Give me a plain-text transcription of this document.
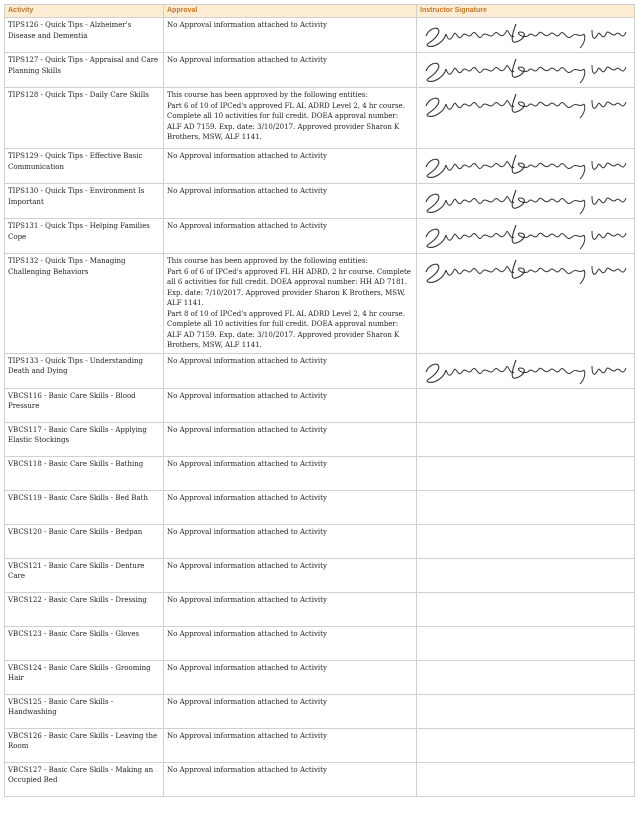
Activity	Approval	Instructor Signature

TIPS126 - Quick Tips - Alzheimer's Disease and Dementia	No Approval information attached to Activity

TIPS127 - Quick Tips - Appraisal and Care Planning Skills	No Approval information attached to Activity

TIPS128 - Quick Tips - Daily Care Skills	This course has been approved by the following entities:
Part 6 of 10 of IPCed's approved FL AL ADRD Level 2, 4 hr course. Complete all 10 activities for full credit. DOEA approval number: ALF AD 7159. Exp. date: 3/10/2017. Approved provider Sharon K Brothers, MSW, ALF 1141.

TIPS129 - Quick Tips - Effective Basic Communication	No Approval information attached to Activity

TIPS130 - Quick Tips - Environment Is Important	No Approval information attached to Activity

TIPS131 - Quick Tips - Helping Families Cope	No Approval information attached to Activity

TIPS132 - Quick Tips - Managing Challenging Behaviors	This course has been approved by the following entities:
Part 6 of 6 of IPCed's approved FL HH ADRD, 2 hr course. Complete all 6 activities for full credit. DOEA approval number: HH AD 7181. Exp. date: 7/10/2017. Approved provider Sharon K Brothers, MSW, ALF 1141.
Part 8 of 10 of IPCed's approved FL AL ADRD Level 2, 4 hr course. Complete all 10 activities for full credit. DOEA approval number: ALF AD 7159. Exp. date: 3/10/2017. Approved provider Sharon K Brothers, MSW, ALF 1141.

TIPS133 - Quick Tips - Understanding Death and Dying	No Approval information attached to Activity

VBCS116 - Basic Care Skills - Blood Pressure	No Approval information attached to Activity	

VBCS117 - Basic Care Skills - Applying Elastic Stockings	No Approval information attached to Activity	

VBCS118 - Basic Care Skills - Bathing	No Approval information attached to Activity	

VBCS119 - Basic Care Skills - Bed Bath	No Approval information attached to Activity	

VBCS120 - Basic Care Skills - Bedpan	No Approval information attached to Activity	

VBCS121 - Basic Care Skills - Denture Care	No Approval information attached to Activity	

VBCS122 - Basic Care Skills - Dressing	No Approval information attached to Activity	

VBCS123 - Basic Care Skills - Gloves	No Approval information attached to Activity	

VBCS124 - Basic Care Skills - Grooming Hair	No Approval information attached to Activity	

VBCS125 - Basic Care Skills - Handwashing	No Approval information attached to Activity	

VBCS126 - Basic Care Skills - Leaving the Room	No Approval information attached to Activity	

VBCS127 - Basic Care Skills - Making an Occupied Bed	No Approval information attached to Activity	
